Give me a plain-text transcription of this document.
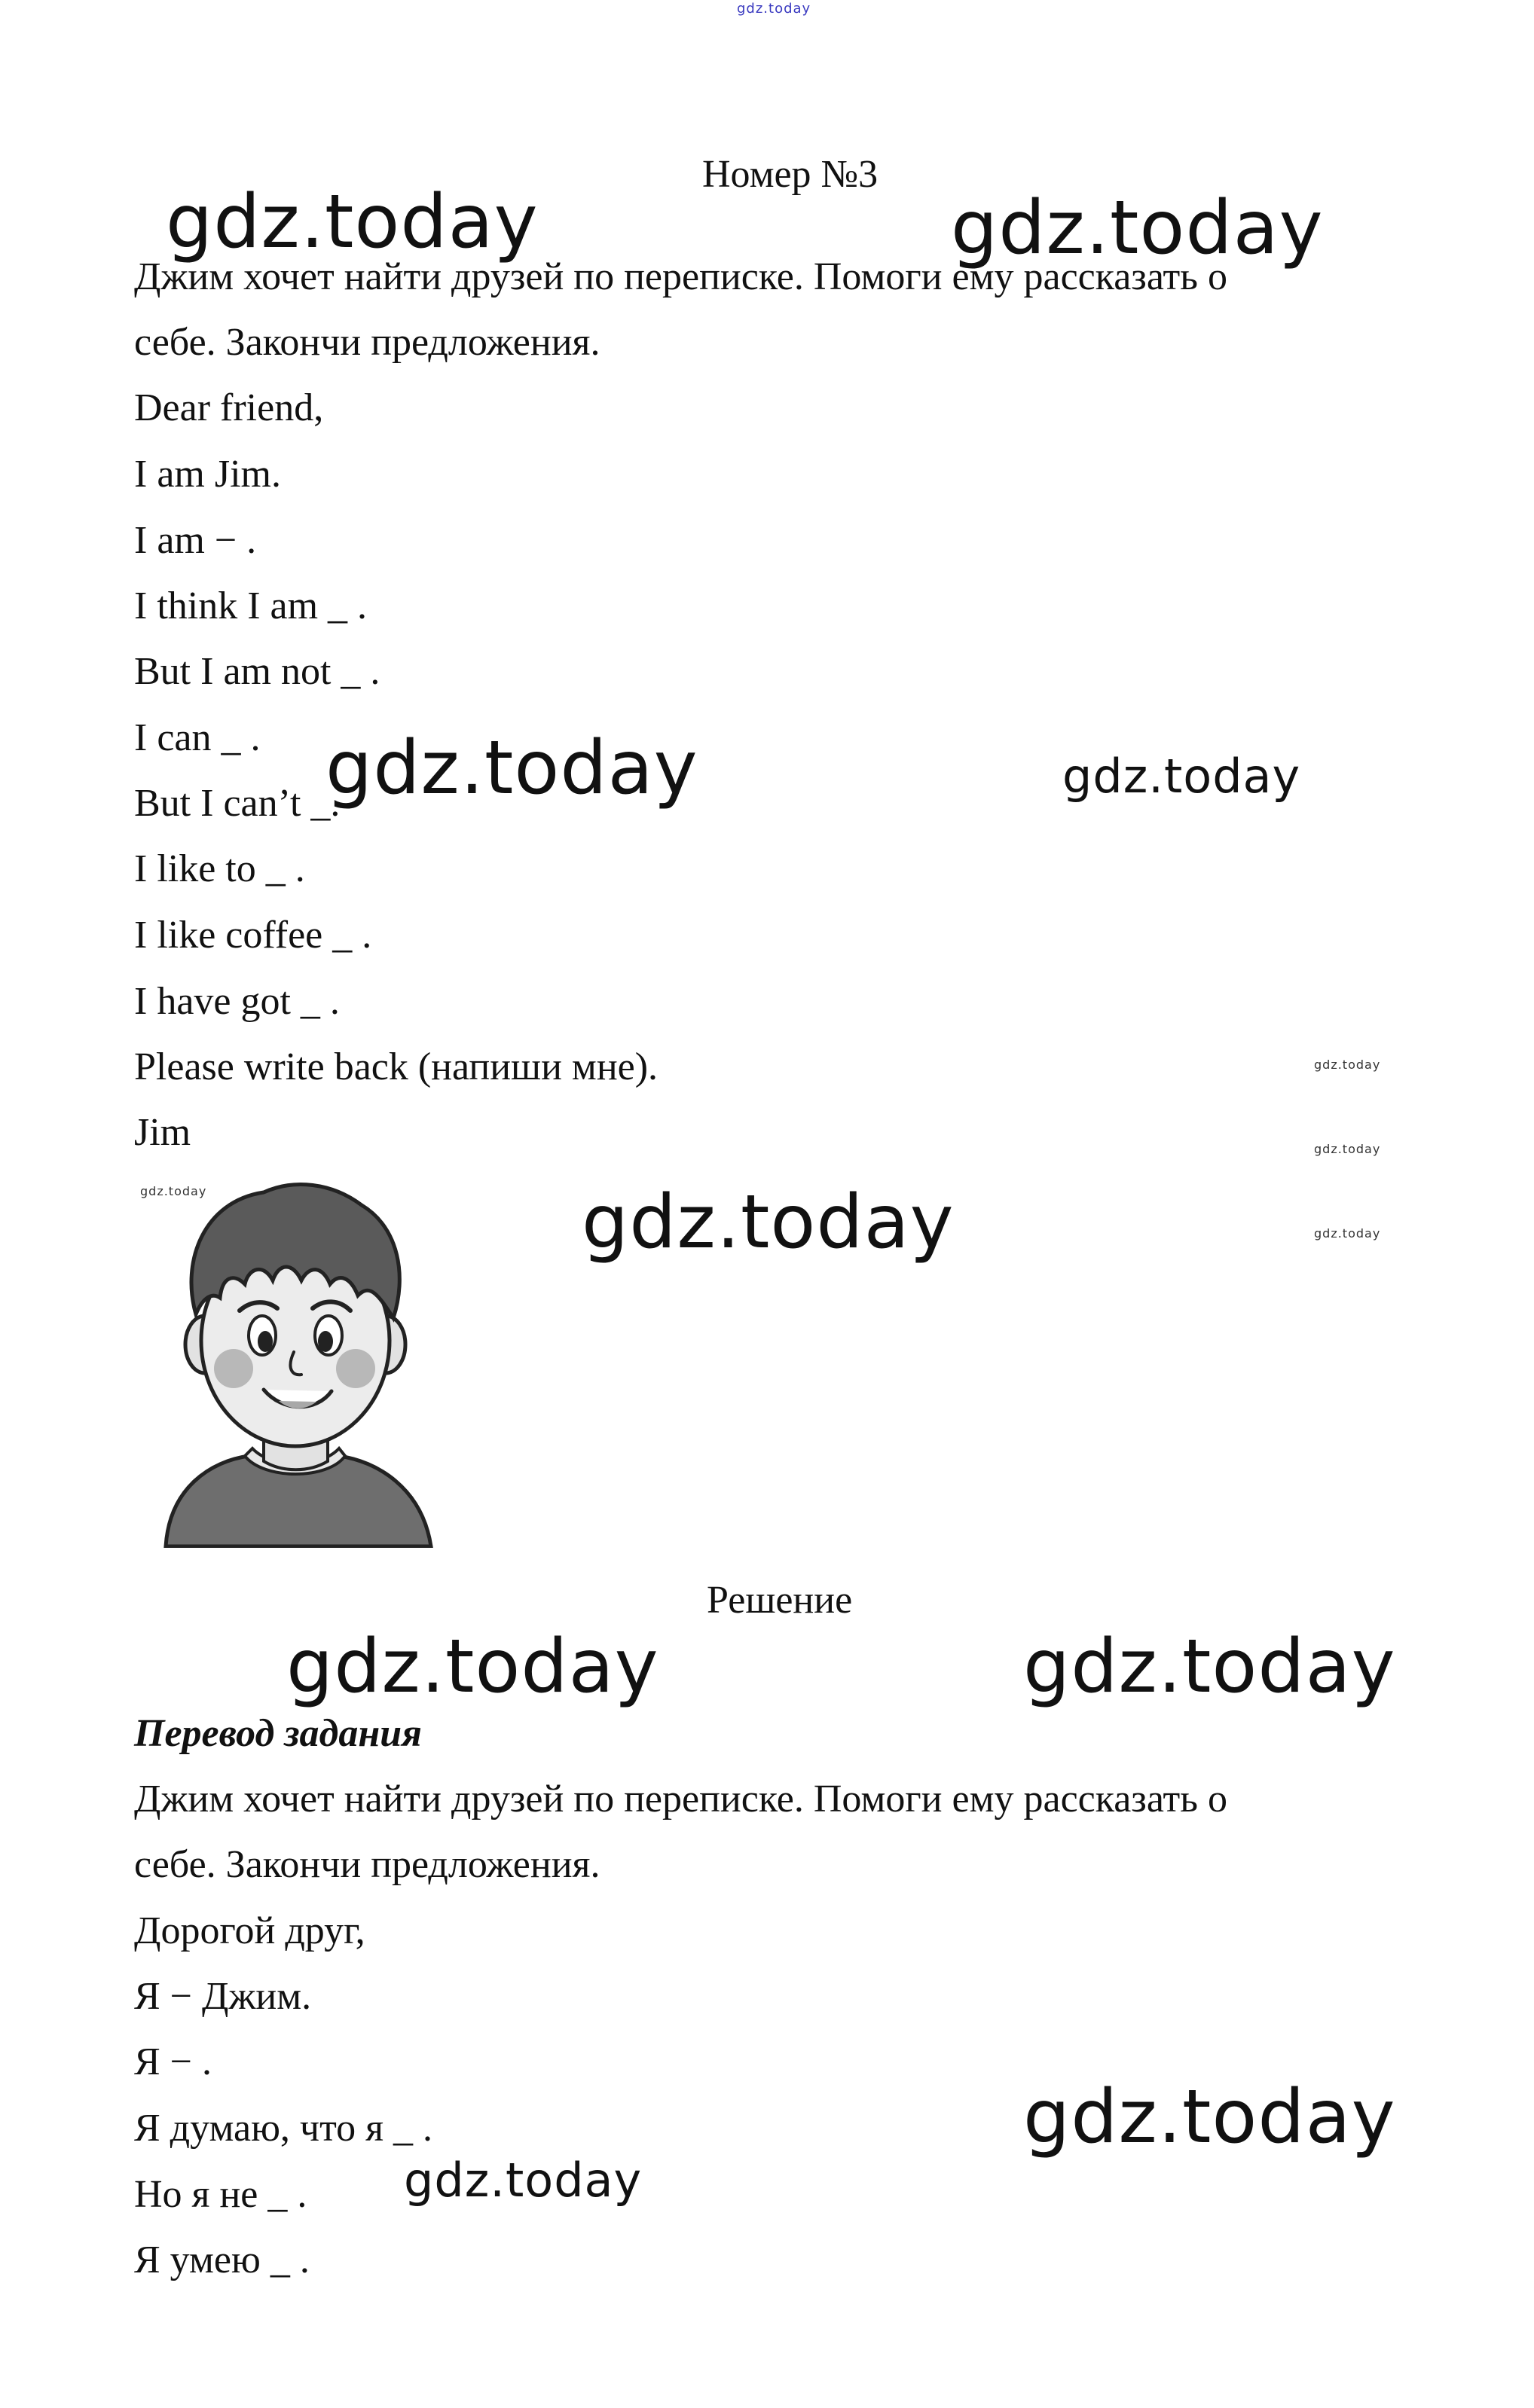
gdz.today
Номер №3
gdz.today	gdz.today
Джим хочет найти друзей по переписке. Помоги ему рассказать о
себе. Закончи предложения.
Dear friend,
I am Jim.
I am − .
I think I am _ .
But I am not _ .
I can _ .
But I can’t _.
I like to _ .
I like coffee _ .
I have got _ .
Please write back (напиши мне).
Jim
gdz.today	gdz.today
gdz.today
gdz.today
gdz.today
gdz.today	gdz.today
Решение
gdz.today	gdz.today
Перевод задания
Джим хочет найти друзей по переписке. Помоги ему рассказать о
себе. Закончи предложения.
Дорогой друг,
Я − Джим.
Я − .
Я думаю, что я _ .
Но я не _ .
Я умею _ .
gdz.today
gdz.today
